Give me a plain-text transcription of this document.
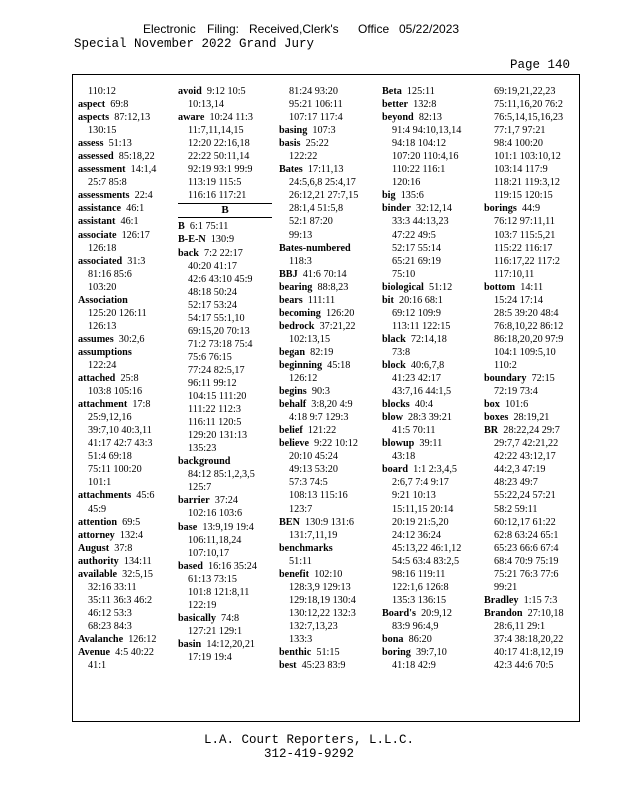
Electronic Filing: Received,Clerk's Office 05/22/2023
Special November 2022 Grand Jury
Page 140
110:12
aspect  69:8
aspects  87:12,13
130:15
assess  51:13
assessed  85:18,22
assessment  14:1,4
25:7 85:8
assessments  22:4
assistance  46:1
assistant  46:1
associate  126:17
126:18
associated  31:3
81:16 85:6
103:20
Association 
125:20 126:11
126:13
assumes  30:2,6
assumptions 
122:24
attached  25:8
103:8 105:16
attachment  17:8
25:9,12,16
39:7,10 40:3,11
41:17 42:7 43:3
51:4 69:18
75:11 100:20
101:1
attachments  45:6
45:9
attention  69:5
attorney  132:4
August  37:8
authority  134:11
available  32:5,15
32:16 33:11
35:11 36:3 46:2
46:12 53:3
68:23 84:3
Avalanche  126:12
Avenue  4:5 40:22
41:1
avoid  9:12 10:5
10:13,14
aware  10:24 11:3
11:7,11,14,15
12:20 22:16,18
22:22 50:11,14
92:19 93:1 99:9
113:19 115:5
116:16 117:21
B
B  6:1 75:11
B-E-N  130:9
back  7:2 22:17
40:20 41:17
42:6 43:10 45:9
48:18 50:24
52:17 53:24
54:17 55:1,10
69:15,20 70:13
71:2 73:18 75:4
75:6 76:15
77:24 82:5,17
96:11 99:12
104:15 111:20
111:22 112:3
116:11 120:5
129:20 131:13
135:23
background 
84:12 85:1,2,3,5
125:7
barrier  37:24
102:16 103:6
base  13:9,19 19:4
106:11,18,24
107:10,17
based  16:16 35:24
61:13 73:15
101:8 121:8,11
122:19
basically  74:8
127:21 129:1
basin  14:12,20,21
17:19 19:4
81:24 93:20
95:21 106:11
107:17 117:4
basing  107:3
basis  25:22
122:22
Bates  17:11,13
24:5,6,8 25:4,17
26:12,21 27:7,15
28:1,4 51:5,8
52:1 87:20
99:13
Bates-numbered 
118:3
BBJ  41:6 70:14
bearing  88:8,23
bears  111:11
becoming  126:20
bedrock  37:21,22
102:13,15
began  82:19
beginning  45:18
126:12
begins  90:3
behalf  3:8,20 4:9
4:18 9:7 129:3
belief  121:22
believe  9:22 10:12
20:10 45:24
49:13 53:20
57:3 74:5
108:13 115:16
123:7
BEN  130:9 131:6
131:7,11,19
benchmarks 
51:11
benefit  102:10
128:3,9 129:13
129:18,19 130:4
130:12,22 132:3
132:7,13,23
133:3
benthic  51:15
best  45:23 83:9
Beta  125:11
better  132:8
beyond  82:13
91:4 94:10,13,14
94:18 104:12
107:20 110:4,16
110:22 116:1
120:16
big  135:6
binder  32:12,14
33:3 44:13,23
47:22 49:5
52:17 55:14
65:21 69:19
75:10
biological  51:12
bit  20:16 68:1
69:12 109:9
113:11 122:15
black  72:14,18
73:8
block  40:6,7,8
41:23 42:17
43:7,16 44:1,5
blocks  40:4
blow  28:3 39:21
41:5 70:11
blowup  39:11
43:18
board  1:1 2:3,4,5
2:6,7 7:4 9:17
9:21 10:13
15:11,15 20:14
20:19 21:5,20
24:12 36:24
45:13,22 46:1,12
54:5 63:4 83:2,5
98:16 119:11
122:1,6 126:8
135:3 136:15
Board's  20:9,12
83:9 96:4,9
bona  86:20
boring  39:7,10
41:18 42:9
69:19,21,22,23
75:11,16,20 76:2
76:5,14,15,16,23
77:1,7 97:21
98:4 100:20
101:1 103:10,12
103:14 117:9
118:21 119:3,12
119:15 120:15
borings  44:9
76:12 97:11,11
103:7 115:5,21
115:22 116:17
116:17,22 117:2
117:10,11
bottom  14:11
15:24 17:14
28:5 39:20 48:4
76:8,10,22 86:12
86:18,20,20 97:9
104:1 109:5,10
110:2
boundary  72:15
72:19 73:4
box  101:6
boxes  28:19,21
BR  28:22,24 29:7
29:7,7 42:21,22
42:22 43:12,17
44:2,3 47:19
48:23 49:7
55:22,24 57:21
58:2 59:11
60:12,17 61:22
62:8 63:24 65:1
65:23 66:6 67:4
68:4 70:9 75:19
75:21 76:3 77:6
99:21
Bradley  1:15 7:3
Brandon  27:10,18
28:6,11 29:1
37:4 38:18,20,22
40:17 41:8,12,19
42:3 44:6 70:5
L.A. Court Reporters, L.L.C.
312-419-9292
